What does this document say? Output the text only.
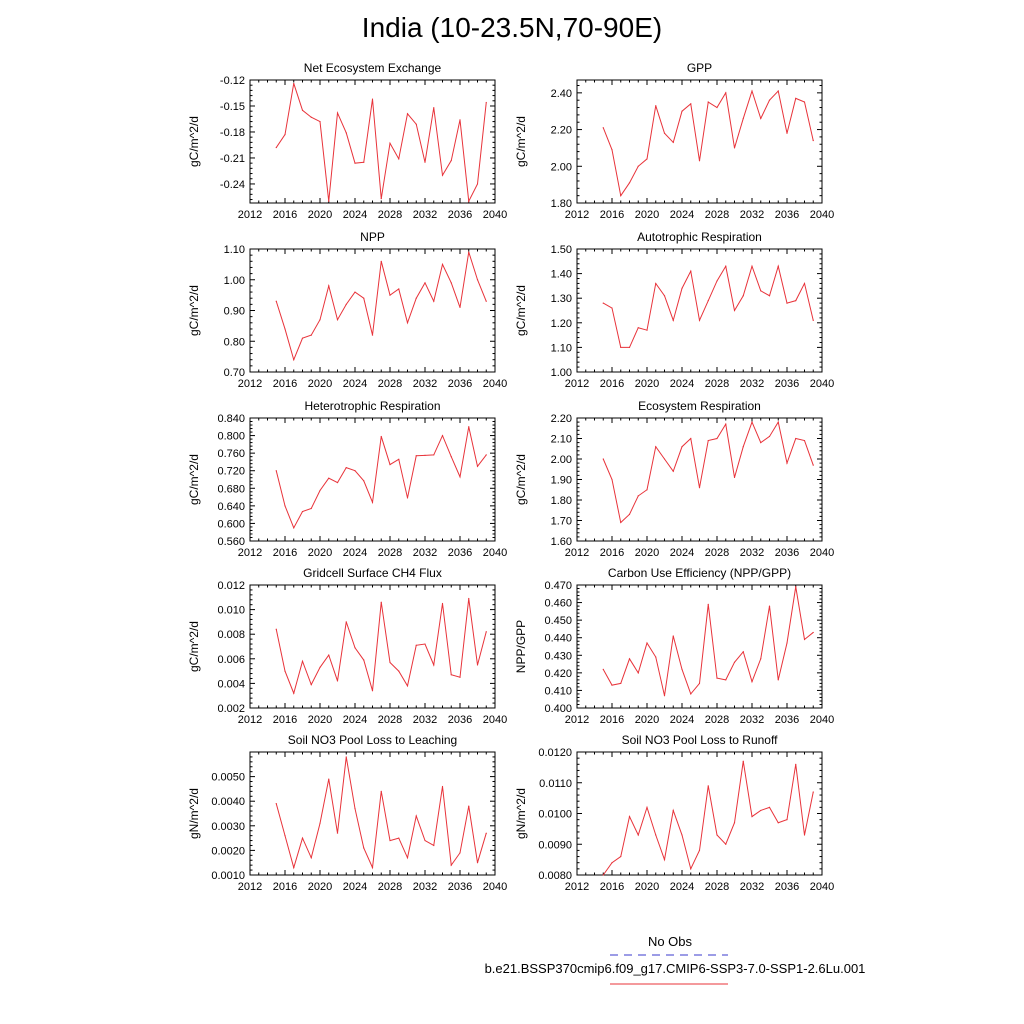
India (10-23.5N,70-90E)
Net Ecosystem Exchange
2012 2016 2020 2024 2028 2032 2036 2040
-0.24
-0.21
-0.18
-0.15
-0.12
gC/m^2/d
GPP
2012 2016 2020 2024 2028 2032 2036 2040
1.80
2.00
2.20
2.40
gC/m^2/d
NPP
2012 2016 2020 2024 2028 2032 2036 2040
0.70
0.80
0.90
1.00
1.10
gC/m^2/d
Autotrophic Respiration
2012 2016 2020 2024 2028 2032 2036 2040
1.00
1.10
1.20
1.30
1.40
1.50
gC/m^2/d
Heterotrophic Respiration
2012 2016 2020 2024 2028 2032 2036 2040
0.560
0.600
0.640
0.680
0.720
0.760
0.800
0.840
gC/m^2/d
Ecosystem Respiration
2012 2016 2020 2024 2028 2032 2036 2040
1.60
1.70
1.80
1.90
2.00
2.10
2.20
gC/m^2/d
Gridcell Surface CH4 Flux
2012 2016 2020 2024 2028 2032 2036 2040
0.002
0.004
0.006
0.008
0.010
0.012
gC/m^2/d
Carbon Use Efficiency (NPP/GPP)
2012 2016 2020 2024 2028 2032 2036 2040
0.400
0.410
0.420
0.430
0.440
0.450
0.460
0.470
NPP/GPP
Soil NO3 Pool Loss to Leaching
2012 2016 2020 2024 2028 2032 2036 2040
0.0010
0.0020
0.0030
0.0040
0.0050
gN/m^2/d
Soil NO3 Pool Loss to Runoff
2012 2016 2020 2024 2028 2032 2036 2040
0.0080
0.0090
0.0100
0.0110
0.0120
gN/m^2/d
No Obs
b.e21.BSSP370cmip6.f09_g17.CMIP6-SSP3-7.0-SSP1-2.6Lu.001
